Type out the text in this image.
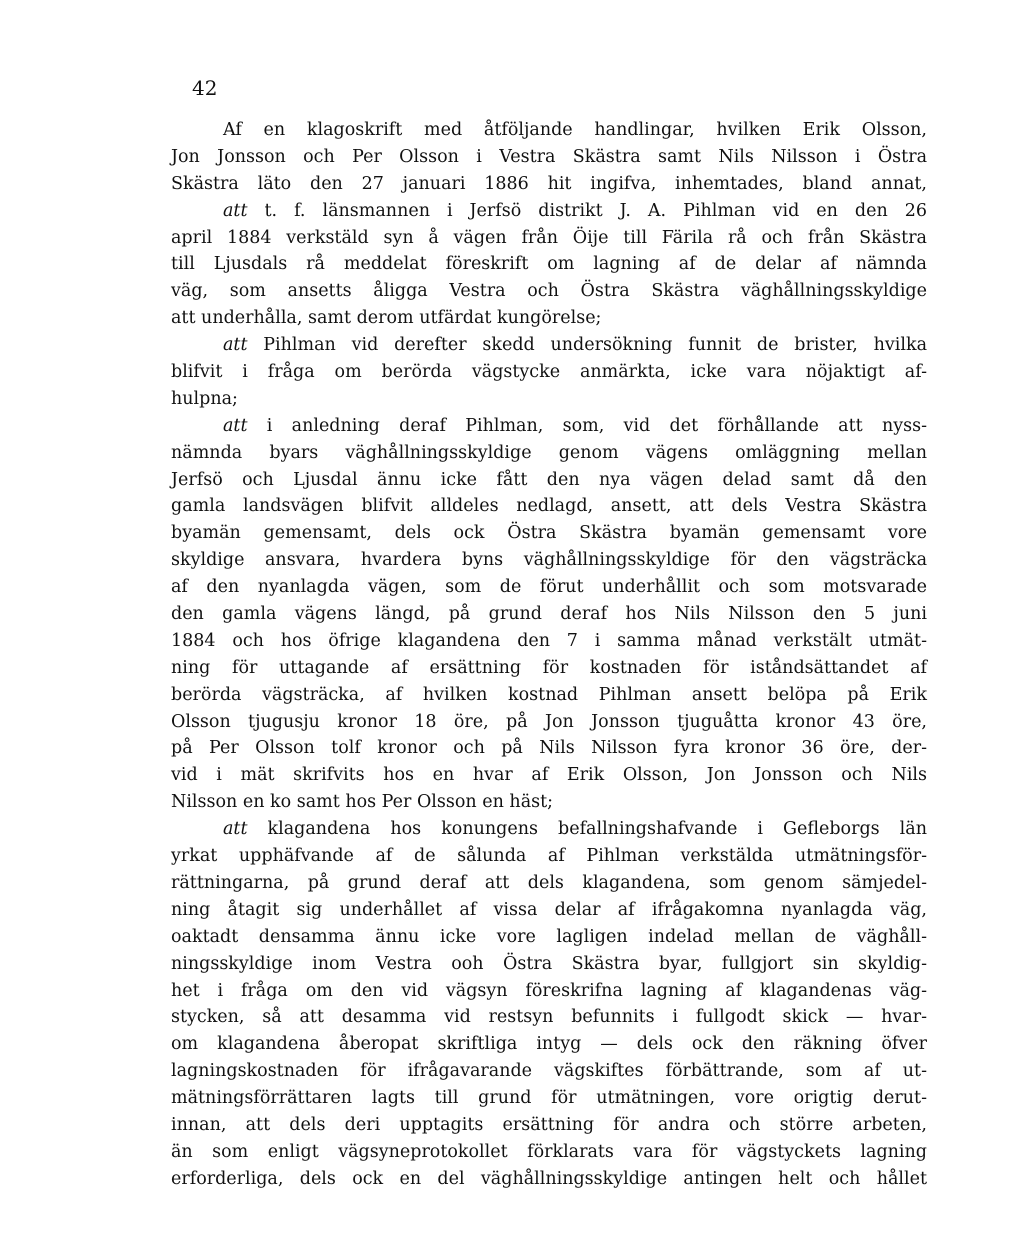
42
Af en klagoskrift med åtföljande handlingar, hvilken Erik Olsson,
Jon Jonsson och Per Olsson i Vestra Skästra samt Nils Nilsson i Östra
Skästra läto den 27 januari 1886 hit ingifva, inhemtades, bland annat,
att t. f. länsmannen i Jerfsö distrikt J. A. Pihlman vid en den 26
april 1884 verkstäld syn å vägen från Öije till Färila rå och från Skästra
till Ljusdals rå meddelat föreskrift om lagning af de delar af nämnda
väg, som ansetts åligga Vestra och Östra Skästra väghållningsskyldige
att underhålla, samt derom utfärdat kungörelse;
att Pihlman vid derefter skedd undersökning funnit de brister, hvilka
blifvit i fråga om berörda vägstycke anmärkta, icke vara nöjaktigt af-
hulpna;
att i anledning deraf Pihlman, som, vid det förhållande att nyss-
nämnda byars väghållningsskyldige genom vägens omläggning mellan
Jerfsö och Ljusdal ännu icke fått den nya vägen delad samt då den
gamla landsvägen blifvit alldeles nedlagd, ansett, att dels Vestra Skästra
byamän gemensamt, dels ock Östra Skästra byamän gemensamt vore
skyldige ansvara, hvardera byns väghållningsskyldige för den vägsträcka
af den nyanlagda vägen, som de förut underhållit och som motsvarade
den gamla vägens längd, på grund deraf hos Nils Nilsson den 5 juni
1884 och hos öfrige klagandena den 7 i samma månad verkstält utmät-
ning för uttagande af ersättning för kostnaden för iståndsättandet af
berörda vägsträcka, af hvilken kostnad Pihlman ansett belöpa på Erik
Olsson tjugusju kronor 18 öre, på Jon Jonsson tjuguåtta kronor 43 öre,
på Per Olsson tolf kronor och på Nils Nilsson fyra kronor 36 öre, der-
vid i mät skrifvits hos en hvar af Erik Olsson, Jon Jonsson och Nils
Nilsson en ko samt hos Per Olsson en häst;
att klagandena hos konungens befallningshafvande i Gefleborgs län
yrkat upphäfvande af de sålunda af Pihlman verkstälda utmätningsför-
rättningarna, på grund deraf att dels klagandena, som genom sämjedel-
ning åtagit sig underhållet af vissa delar af ifrågakomna nyanlagda väg,
oaktadt densamma ännu icke vore lagligen indelad mellan de väghåll-
ningsskyldige inom Vestra ooh Östra Skästra byar, fullgjort sin skyldig-
het i fråga om den vid vägsyn föreskrifna lagning af klagandenas väg-
stycken, så att desamma vid restsyn befunnits i fullgodt skick — hvar-
om klagandena åberopat skriftliga intyg — dels ock den räkning öfver
lagningskostnaden för ifrågavarande vägskiftes förbättrande, som af ut-
mätningsförrättaren lagts till grund för utmätningen, vore origtig derut-
innan, att dels deri upptagits ersättning för andra och större arbeten,
än som enligt vägsyneprotokollet förklarats vara för vägstyckets lagning
erforderliga, dels ock en del väghållningsskyldige antingen helt och hållet
